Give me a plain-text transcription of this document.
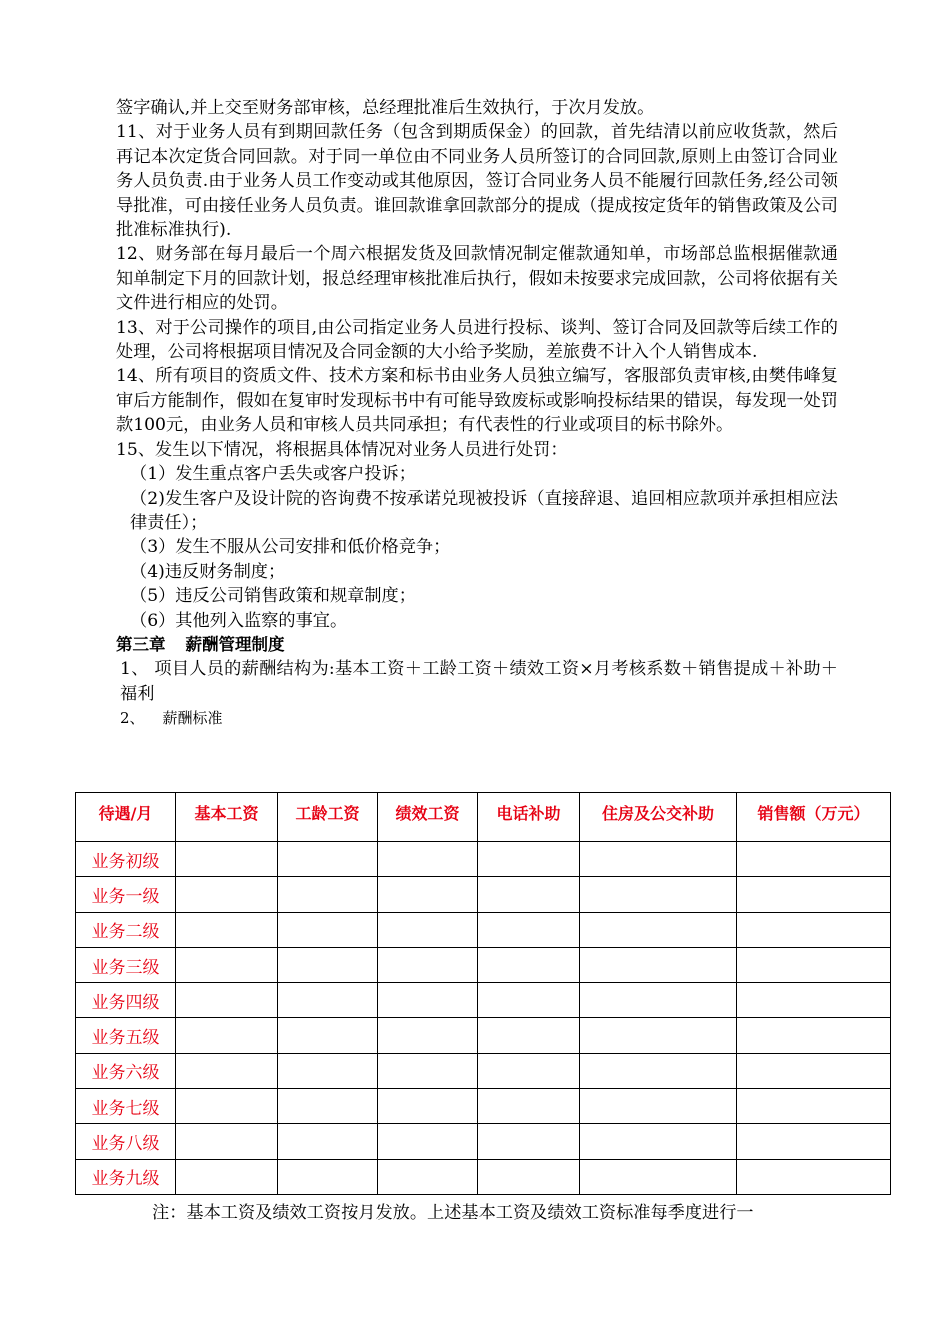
签字确认,并上交至财务部审核，总经理批准后生效执行，于次月发放。

11、对于业务人员有到期回款任务（包含到期质保金）的回款，首先结清以前应收货款，然后再记本次定货合同回款。对于同一单位由不同业务人员所签订的合同回款,原则上由签订合同业务人员负责.由于业务人员工作变动或其他原因，签订合同业务人员不能履行回款任务,经公司领导批准，可由接任业务人员负责。谁回款谁拿回款部分的提成（提成按定货年的销售政策及公司批准标准执行).

12、财务部在每月最后一个周六根据发货及回款情况制定催款通知单，市场部总监根据催款通知单制定下月的回款计划，报总经理审核批准后执行，假如未按要求完成回款，公司将依据有关文件进行相应的处罚。

13、对于公司操作的项目,由公司指定业务人员进行投标、谈判、签订合同及回款等后续工作的处理，公司将根据项目情况及合同金额的大小给予奖励，差旅费不计入个人销售成本.

14、所有项目的资质文件、技术方案和标书由业务人员独立编写，客服部负责审核,由樊伟峰复审后方能制作，假如在复审时发现标书中有可能导致废标或影响投标结果的错误，每发现一处罚款100元，由业务人员和审核人员共同承担；有代表性的行业或项目的标书除外。

15、发生以下情况，将根据具体情况对业务人员进行处罚：

（1）发生重点客户丢失或客户投诉；

（2)发生客户及设计院的咨询费不按承诺兑现被投诉（直接辞退、追回相应款项并承担相应法律责任）；

（3）发生不服从公司安排和低价格竞争；

（4)违反财务制度；

（5）违反公司销售政策和规章制度；

（6）其他列入监察的事宜。

第三章 薪酬管理制度

1、 项目人员的薪酬结构为:基本工资＋工龄工资＋绩效工资×月考核系数＋销售提成＋补助＋福利

2、 薪酬标准

待遇/月	基本工资	工龄工资	绩效工资	电话补助	住房及公交补助	销售额（万元）
业务初级						
业务一级						
业务二级						
业务三级						
业务四级						
业务五级						
业务六级						
业务七级						
业务八级						
业务九级						

注：基本工资及绩效工资按月发放。上述基本工资及绩效工资标准每季度进行一
